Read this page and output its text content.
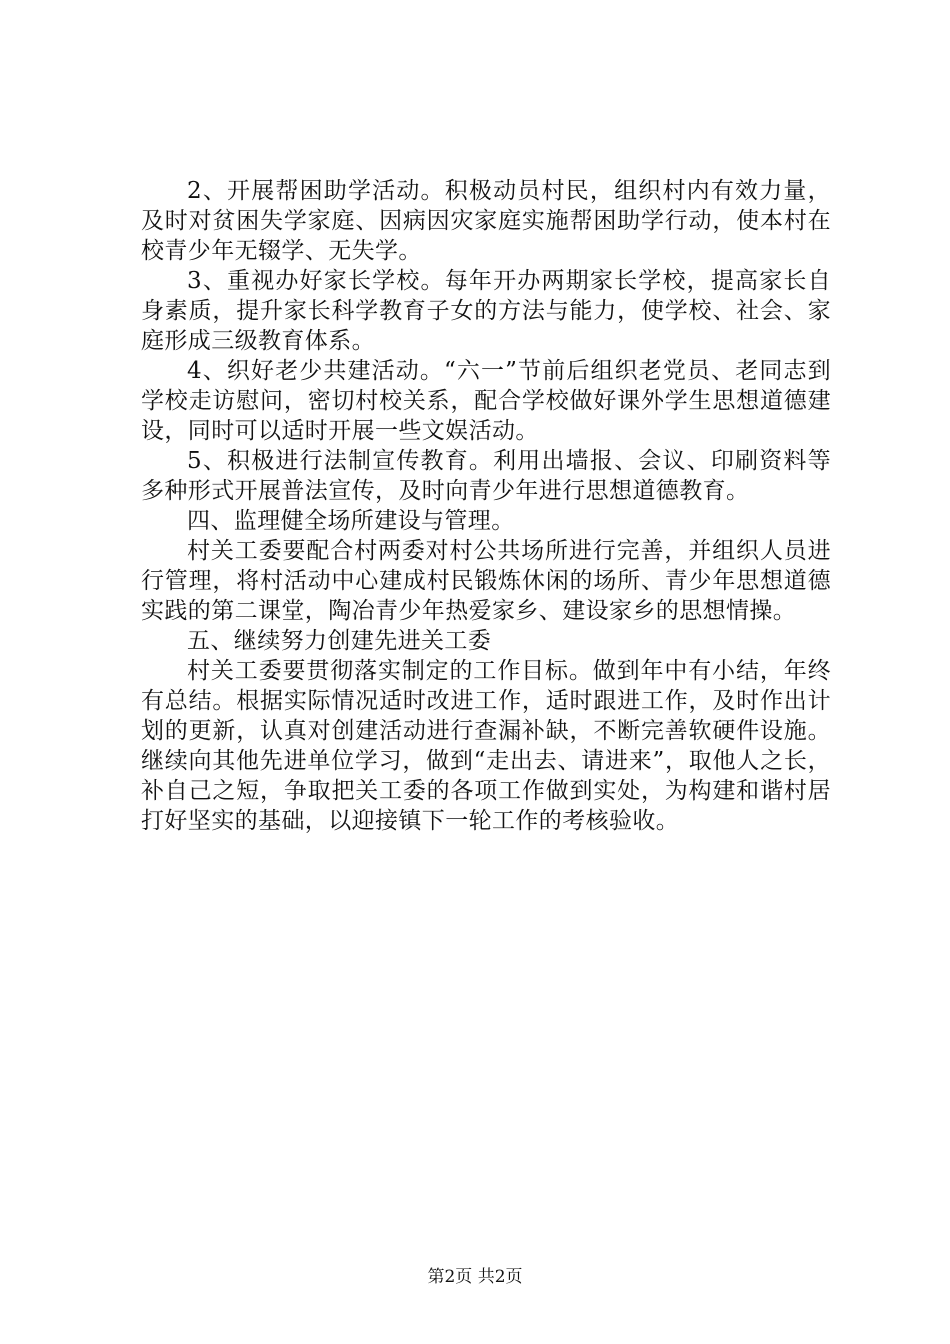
2、开展帮困助学活动。积极动员村民，组织村内有效力量，及时对贫困失学家庭、因病因灾家庭实施帮困助学行动，使本村在校青少年无辍学、无失学。

3、重视办好家长学校。每年开办两期家长学校，提高家长自身素质，提升家长科学教育子女的方法与能力，使学校、社会、家庭形成三级教育体系。

4、织好老少共建活动。“六一”节前后组织老党员、老同志到学校走访慰问，密切村校关系，配合学校做好课外学生思想道德建设，同时可以适时开展一些文娱活动。

5、积极进行法制宣传教育。利用出墙报、会议、印刷资料等多种形式开展普法宣传，及时向青少年进行思想道德教育。

四、监理健全场所建设与管理。

村关工委要配合村两委对村公共场所进行完善，并组织人员进行管理，将村活动中心建成村民锻炼休闲的场所、青少年思想道德实践的第二课堂，陶冶青少年热爱家乡、建设家乡的思想情操。

五、继续努力创建先进关工委

村关工委要贯彻落实制定的工作目标。做到年中有小结，年终有总结。根据实际情况适时改进工作，适时跟进工作，及时作出计划的更新，认真对创建活动进行查漏补缺，不断完善软硬件设施。继续向其他先进单位学习，做到“走出去、请进来”，取他人之长，补自己之短，争取把关工委的各项工作做到实处，为构建和谐村居打好坚实的基础，以迎接镇下一轮工作的考核验收。

第2页 共2页
